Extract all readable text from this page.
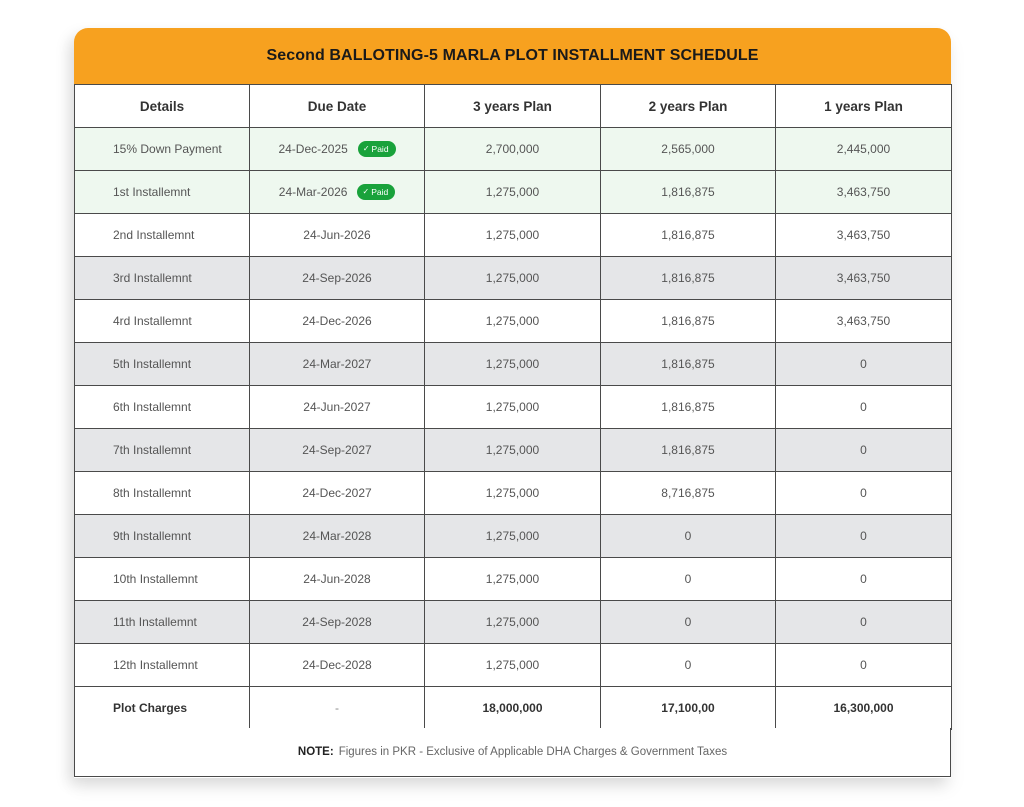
Second BALLOTING-5 MARLA PLOT INSTALLMENT SCHEDULE
Details	Due Date	3 years Plan	2 years Plan	1 years Plan
15% Down Payment	24-Dec-2025 ✓ Paid	2,700,000	2,565,000	2,445,000
1st Installemnt	24-Mar-2026 ✓ Paid	1,275,000	1,816,875	3,463,750
2nd Installemnt	24-Jun-2026	1,275,000	1,816,875	3,463,750
3rd Installemnt	24-Sep-2026	1,275,000	1,816,875	3,463,750
4rd Installemnt	24-Dec-2026	1,275,000	1,816,875	3,463,750
5th Installemnt	24-Mar-2027	1,275,000	1,816,875	0
6th Installemnt	24-Jun-2027	1,275,000	1,816,875	0
7th Installemnt	24-Sep-2027	1,275,000	1,816,875	0
8th Installemnt	24-Dec-2027	1,275,000	8,716,875	0
9th Installemnt	24-Mar-2028	1,275,000	0	0
10th Installemnt	24-Jun-2028	1,275,000	0	0
11th Installemnt	24-Sep-2028	1,275,000	0	0
12th Installemnt	24-Dec-2028	1,275,000	0	0
Plot Charges	-	18,000,000	17,100,00	16,300,000
NOTE: Figures in PKR - Exclusive of Applicable DHA Charges & Government Taxes
